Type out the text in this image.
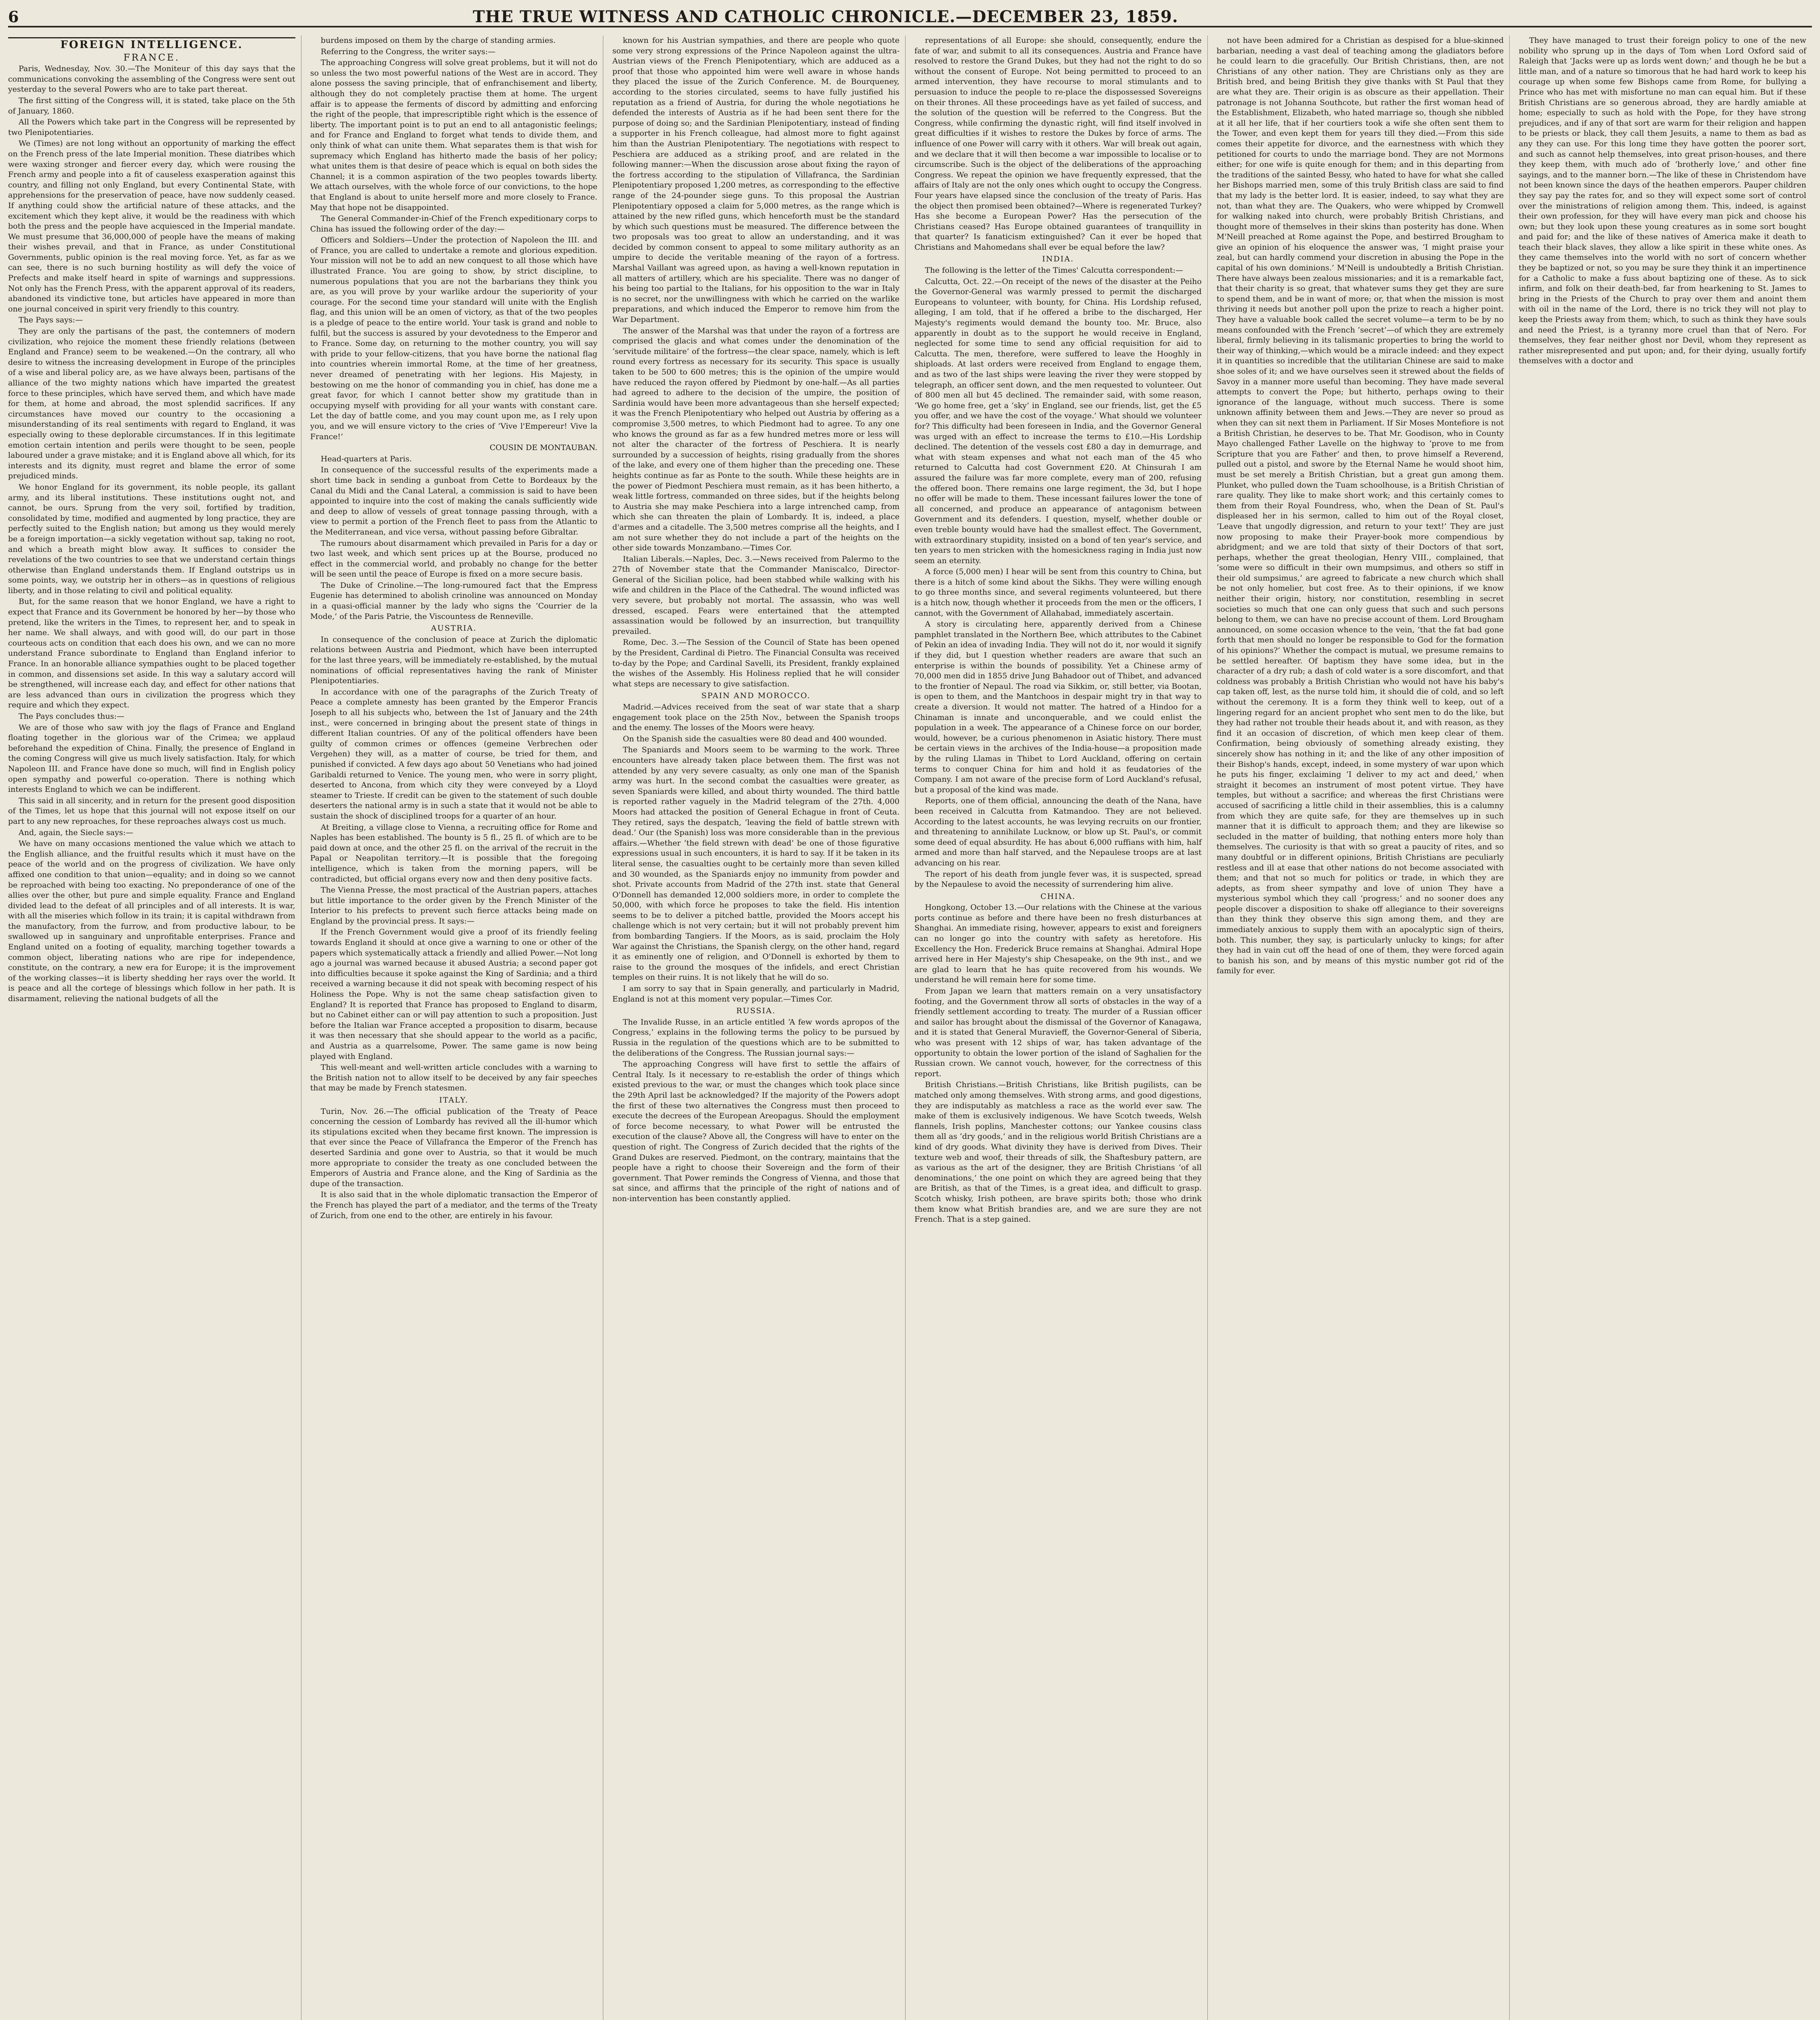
6	THE TRUE WITNESS AND CATHOLIC CHRONICLE.—DECEMBER 23, 1859.
FOREIGN INTELLIGENCE.
FRANCE.

Paris, Wednesday, Nov. 30.—The Moniteur of this day says that the communications convoking the assembling of the Congress were sent out yesterday to the several Powers who are to take part thereat.

The first sitting of the Congress will, it is stated, take place on the 5th of January, 1860.

All the Powers which take part in the Congress will be represented by two Plenipotentiaries.

We (Times) are not long without an opportunity of marking the effect on the French press of the late Imperial monition. These diatribes which were waxing stronger and fiercer every day, which were rousing the French army and people into a fit of causeless exasperation against this country, and filling not only England, but every Continental State, with apprehensions for the preservation of peace, have now suddenly ceased. If anything could show the artificial nature of these attacks, and the excitement which they kept alive, it would be the readiness with which both the press and the people have acquiesced in the Imperial mandate. We must presume that 36,000,000 of people have the means of making their wishes prevail, and that in France, as under Constitutional Governments, public opinion is the real moving force. Yet, as far as we can see, there is no such burning hostility as will defy the voice of Prefects and make itself heard in spite of warnings and suppressions. Not only has the French Press, with the apparent approval of its readers, abandoned its vindictive tone, but articles have appeared in more than one journal conceived in spirit very friendly to this country.

The Pays says:—

They are only the partisans of the past, the contemners of modern civilization, who rejoice the moment these friendly relations (between England and France) seem to be weakened.—On the contrary, all who desire to witness the increasing development in Europe of the principles of a wise and liberal policy are, as we have always been, partisans of the alliance of the two mighty nations which have imparted the greatest force to these principles, which have served them, and which have made for them, at home and abroad, the most splendid sacrifices. If any circumstances have moved our country to the occasioning a misunderstanding of its real sentiments with regard to England, it was especially owing to these deplorable circumstances. If in this legitimate emotion certain intention and perils were thought to be seen, people laboured under a grave mistake; and it is England above all which, for its interests and its dignity, must regret and blame the error of some prejudiced minds.

We honor England for its government, its noble people, its gallant army, and its liberal institutions. These institutions ought not, and cannot, be ours. Sprung from the very soil, fortified by tradition, consolidated by time, modified and augmented by long practice, they are perfectly suited to the English nation; but among us they would merely be a foreign importation—a sickly vegetation without sap, taking no root, and which a breath might blow away. It suffices to consider the revelations of the two countries to see that we understand certain things otherwise than England understands them. If England outstrips us in some points, way, we outstrip her in others—as in questions of religious liberty, and in those relating to civil and political equality.

But, for the same reason that we honor England, we have a right to expect that France and its Government be honored by her—by those who pretend, like the writers in the Times, to represent her, and to speak in her name. We shall always, and with good will, do our part in those courteous acts on condition that each does his own, and we can no more understand France subordinate to England than England inferior to France. In an honorable alliance sympathies ought to be placed together in common, and dissensions set aside. In this way a salutary accord will be strengthened, will increase each day, and effect for other nations that are less advanced than ours in civilization the progress which they require and which they expect.

The Pays concludes thus:—

We are of those who saw with joy the flags of France and England floating together in the glorious war of the Crimea; we applaud beforehand the expedition of China. Finally, the presence of England in the coming Congress will give us much lively satisfaction. Italy, for which Napoleon III. and France have done so much, will find in English policy open sympathy and powerful co-operation. There is nothing which interests England to which we can be indifferent.

This said in all sincerity, and in return for the present good disposition of the Times, let us hope that this journal will not expose itself on our part to any new reproaches, for these reproaches always cost us much.

And, again, the Siecle says:—

We have on many occasions mentioned the value which we attach to the English alliance, and the fruitful results which it must have on the peace of the world and on the progress of civilization. We have only affixed one condition to that union—equality; and in doing so we cannot be reproached with being too exacting. No preponderance of one of the allies over the other, but pure and simple equality. France and England divided lead to the defeat of all principles and of all interests. It is war, with all the miseries which follow in its train; it is capital withdrawn from the manufactory, from the furrow, and from productive labour, to be swallowed up in sanguinary and unprofitable enterprises. France and England united on a footing of equality, marching together towards a common object, liberating nations who are ripe for independence, constitute, on the contrary, a new era for Europe; it is the improvement of the working classes—it is liberty shedding her rays over the world. It is peace and all the cortege of blessings which follow in her path. It is disarmament, relieving the national budgets of all the

burdens imposed on them by the charge of standing armies.

Referring to the Congress, the writer says:—

The approaching Congress will solve great problems, but it will not do so unless the two most powerful nations of the West are in accord. They alone possess the saving principle, that of enfranchisement and liberty, although they do not completely practise them at home. The urgent affair is to appease the ferments of discord by admitting and enforcing the right of the people, that imprescriptible right which is the essence of liberty. The important point is to put an end to all antagonistic feelings; and for France and England to forget what tends to divide them, and only think of what can unite them. What separates them is that wish for supremacy which England has hitherto made the basis of her policy; what unites them is that desire of peace which is equal on both sides the Channel; it is a common aspiration of the two peoples towards liberty. We attach ourselves, with the whole force of our convictions, to the hope that England is about to unite herself more and more closely to France. May that hope not be disappointed.

The General Commander-in-Chief of the French expeditionary corps to China has issued the following order of the day:—

Officers and Soldiers—Under the protection of Napoleon the III. and of France, you are called to undertake a remote and glorious expedition. Your mission will not be to add an new conquest to all those which have illustrated France. You are going to show, by strict discipline, to numerous populations that you are not the barbarians they think you are, as you will prove by your warlike ardour the superiority of your courage. For the second time your standard will unite with the English flag, and this union will be an omen of victory, as that of the two peoples is a pledge of peace to the entire world. Your task is grand and noble to fulfil, but the success is assured by your devotedness to the Emperor and to France. Some day, on returning to the mother country, you will say with pride to your fellow-citizens, that you have borne the national flag into countries wherein immortal Rome, at the time of her greatness, never dreamed of penetrating with her legions. His Majesty, in bestowing on me the honor of commanding you in chief, has done me a great favor, for which I cannot better show my gratitude than in occupying myself with providing for all your wants with constant care. Let the day of battle come, and you may count upon me, as I rely upon you, and we will ensure victory to the cries of ‘Vive l'Empereur! Vive la France!’

COUSIN DE MONTAUBAN.

Head-quarters at Paris.

In consequence of the successful results of the experiments made a short time back in sending a gunboat from Cette to Bordeaux by the Canal du Midi and the Canal Lateral, a commission is said to have been appointed to inquire into the cost of making the canals sufficiently wide and deep to allow of vessels of great tonnage passing through, with a view to permit a portion of the French fleet to pass from the Atlantic to the Mediterranean, and vice versa, without passing before Gibraltar.

The rumours about disarmament which prevailed in Paris for a day or two last week, and which sent prices up at the Bourse, produced no effect in the commercial world, and probably no change for the better will be seen until the peace of Europe is fixed on a more secure basis.

The Duke of Crinoline.—The long-rumoured fact that the Empress Eugenie has determined to abolish crinoline was announced on Monday in a quasi-official manner by the lady who signs the ‘Courrier de la Mode,’ of the Paris Patrie, the Viscountess de Renneville.

AUSTRIA.

In consequence of the conclusion of peace at Zurich the diplomatic relations between Austria and Piedmont, which have been interrupted for the last three years, will be immediately re-established, by the mutual nominations of official representatives having the rank of Minister Plenipotentiaries.

In accordance with one of the paragraphs of the Zurich Treaty of Peace a complete amnesty has been granted by the Emperor Francis Joseph to all his subjects who, between the 1st of January and the 24th inst., were concerned in bringing about the present state of things in different Italian countries. Of any of the political offenders have been guilty of common crimes or offences (gemeine Verbrechen oder Vergehen) they will, as a matter of course, be tried for them, and punished if convicted. A few days ago about 50 Venetians who had joined Garibaldi returned to Venice. The young men, who were in sorry plight, deserted to Ancona, from which city they were conveyed by a Lloyd steamer to Trieste. If credit can be given to the statement of such double deserters the national army is in such a state that it would not be able to sustain the shock of disciplined troops for a quarter of an hour.

At Breiting, a village close to Vienna, a recruiting office for Rome and Naples has been established. The bounty is 5 fl., 25 fl. of which are to be paid down at once, and the other 25 fl. on the arrival of the recruit in the Papal or Neapolitan territory.—It is possible that the foregoing intelligence, which is taken from the morning papers, will be contradicted, but official organs every now and then deny positive facts.

The Vienna Presse, the most practical of the Austrian papers, attaches but little importance to the order given by the French Minister of the Interior to his prefects to prevent such fierce attacks being made on England by the provincial press. It says:—

If the French Government would give a proof of its friendly feeling towards England it should at once give a warning to one or other of the papers which systematically attack a friendly and allied Power.—Not long ago a journal was warned because it abused Austria; a second paper got into difficulties because it spoke against the King of Sardinia; and a third received a warning because it did not speak with becoming respect of his Holiness the Pope. Why is not the same cheap satisfaction given to England? It is reported that France has proposed to England to disarm, but no Cabinet either can or will pay attention to such a proposition. Just before the Italian war France accepted a proposition to disarm, because it was then necessary that she should appear to the world as a pacific, and Austria as a quarrelsome, Power. The same game is now being played with England.

This well-meant and well-written article concludes with a warning to the British nation not to allow itself to be deceived by any fair speeches that may be made by French statesmen.

ITALY.

Turin, Nov. 26.—The official publication of the Treaty of Peace concerning the cession of Lombardy has revived all the ill-humor which its stipulations excited when they became first known. The impression is that ever since the Peace of Villafranca the Emperor of the French has deserted Sardinia and gone over to Austria, so that it would be much more appropriate to consider the treaty as one concluded between the Emperors of Austria and France alone, and the King of Sardinia as the dupe of the transaction.

It is also said that in the whole diplomatic transaction the Emperor of the French has played the part of a mediator, and the terms of the Treaty of Zurich, from one end to the other, are entirely in his favour.

known for his Austrian sympathies, and there are people who quote some very strong expressions of the Prince Napoleon against the ultra-Austrian views of the French Plenipotentiary, which are adduced as a proof that those who appointed him were well aware in whose hands they placed the issue of the Zurich Conference. M. de Bourqueney, according to the stories circulated, seems to have fully justified his reputation as a friend of Austria, for during the whole negotiations he defended the interests of Austria as if he had been sent there for the purpose of doing so; and the Sardinian Plenipotentiary, instead of finding a supporter in his French colleague, had almost more to fight against him than the Austrian Plenipotentiary. The negotiations with respect to Peschiera are adduced as a striking proof, and are related in the following manner:—When the discussion arose about fixing the rayon of the fortress according to the stipulation of Villafranca, the Sardinian Plenipotentiary proposed 1,200 metres, as corresponding to the effective range of the 24-pounder siege guns. To this proposal the Austrian Plenipotentiary opposed a claim for 5,000 metres, as the range which is attained by the new rifled guns, which henceforth must be the standard by which such questions must be measured. The difference between the two proposals was too great to allow an understanding, and it was decided by common consent to appeal to some military authority as an umpire to decide the veritable meaning of the rayon of a fortress. Marshal Vaillant was agreed upon, as having a well-known reputation in all matters of artillery, which are his specialite. There was no danger of his being too partial to the Italians, for his opposition to the war in Italy is no secret, nor the unwillingness with which he carried on the warlike preparations, and which induced the Emperor to remove him from the War Department.

The answer of the Marshal was that under the rayon of a fortress are comprised the glacis and what comes under the denomination of the ‘servitude militaire’ of the fortress—the clear space, namely, which is left round every fortress as necessary for its security. This space is usually taken to be 500 to 600 metres; this is the opinion of the umpire would have reduced the rayon offered by Piedmont by one-half.—As all parties had agreed to adhere to the decision of the umpire, the position of Sardinia would have been more advantageous than she herself expected; it was the French Plenipotentiary who helped out Austria by offering as a compromise 3,500 metres, to which Piedmont had to agree. To any one who knows the ground as far as a few hundred metres more or less will not alter the character of the fortress of Peschiera. It is nearly surrounded by a succession of heights, rising gradually from the shores of the lake, and every one of them higher than the preceding one. These heights continue as far as Ponte to the south. While these heights are in the power of Piedmont Peschiera must remain, as it has been hitherto, a weak little fortress, commanded on three sides, but if the heights belong to Austria she may make Peschiera into a large intrenched camp, from which she can threaten the plain of Lombardy. It is, indeed, a place d'armes and a citadelle. The 3,500 metres comprise all the heights, and I am not sure whether they do not include a part of the heights on the other side towards Monzambano.—Times Cor.

Italian Liberals.—Naples, Dec. 3.—News received from Palermo to the 27th of November state that the Commander Maniscalco, Director-General of the Sicilian police, had been stabbed while walking with his wife and children in the Place of the Cathedral. The wound inflicted was very severe, but probably not mortal. The assassin, who was well dressed, escaped. Fears were entertained that the attempted assassination would be followed by an insurrection, but tranquillity prevailed.

Rome, Dec. 3.—The Session of the Council of State has been opened by the President, Cardinal di Pietro. The Financial Consulta was received to-day by the Pope; and Cardinal Savelli, its President, frankly explained the wishes of the Assembly. His Holiness replied that he will consider what steps are necessary to give satisfaction.

SPAIN AND MOROCCO.

Madrid.—Advices received from the seat of war state that a sharp engagement took place on the 25th Nov., between the Spanish troops and the enemy. The losses of the Moors were heavy.

On the Spanish side the casualties were 80 dead and 400 wounded.

The Spaniards and Moors seem to be warming to the work. Three encounters have already taken place between them. The first was not attended by any very severe casualty, as only one man of the Spanish army was hurt. In the second combat the casualties were greater, as seven Spaniards were killed, and about thirty wounded. The third battle is reported rather vaguely in the Madrid telegram of the 27th. 4,000 Moors had attacked the position of General Echague in front of Ceuta. They retired, says the despatch, ‘leaving the field of battle strewn with dead.’ Our (the Spanish) loss was more considerable than in the previous affairs.—Whether ‘the field strewn with dead’ be one of those figurative expressions usual in such encounters, it is hard to say. If it be taken in its literal sense, the casualties ought to be certainly more than seven killed and 30 wounded, as the Spaniards enjoy no immunity from powder and shot. Private accounts from Madrid of the 27th inst. state that General O'Donnell has demanded 12,000 soldiers more, in order to complete the 50,000, with which force he proposes to take the field. His intention seems to be to deliver a pitched battle, provided the Moors accept his challenge which is not very certain; but it will not probably prevent him from bombarding Tangiers. If the Moors, as is said, proclaim the Holy War against the Christians, the Spanish clergy, on the other hand, regard it as eminently one of religion, and O'Donnell is exhorted by them to raise to the ground the mosques of the infidels, and erect Christian temples on their ruins. It is not likely that he will do so.

I am sorry to say that in Spain generally, and particularly in Madrid, England is not at this moment very popular.—Times Cor.

RUSSIA.

The Invalide Russe, in an article entitled ‘A few words apropos of the Congress,’ explains in the following terms the policy to be pursued by Russia in the regulation of the questions which are to be submitted to the deliberations of the Congress. The Russian journal says:—

The approaching Congress will have first to settle the affairs of Central Italy. Is it necessary to re-establish the order of things which existed previous to the war, or must the changes which took place since the 29th April last be acknowledged? If the majority of the Powers adopt the first of these two alternatives the Congress must then proceed to execute the decrees of the European Areopagus. Should the employment of force become necessary, to what Power will be entrusted the execution of the clause? Above all, the Congress will have to enter on the question of right. The Congress of Zurich decided that the rights of the Grand Dukes are reserved. Piedmont, on the contrary, maintains that the people have a right to choose their Sovereign and the form of their government. That Power reminds the Congress of Vienna, and those that sat since, and affirms that the principle of the right of nations and of non-intervention has been constantly applied.

representations of all Europe: she should, consequently, endure the fate of war, and submit to all its consequences. Austria and France have resolved to restore the Grand Dukes, but they had not the right to do so without the consent of Europe. Not being permitted to proceed to an armed intervention, they have recourse to moral stimulants and to persuasion to induce the people to re-place the dispossessed Sovereigns on their thrones. All these proceedings have as yet failed of success, and the solution of the question will be referred to the Congress. But the Congress, while confirming the dynastic right, will find itself involved in great difficulties if it wishes to restore the Dukes by force of arms. The influence of one Power will carry with it others. War will break out again, and we declare that it will then become a war impossible to localise or to circumscribe. Such is the object of the deliberations of the approaching Congress. We repeat the opinion we have frequently expressed, that the affairs of Italy are not the only ones which ought to occupy the Congress. Four years have elapsed since the conclusion of the treaty of Paris. Has the object then promised been obtained?—Where is regenerated Turkey? Has she become a European Power? Has the persecution of the Christians ceased? Has Europe obtained guarantees of tranquillity in that quarter? Is fanaticism extinguished? Can it ever be hoped that Christians and Mahomedans shall ever be equal before the law?

INDIA.

The following is the letter of the Times' Calcutta correspondent:—

Calcutta, Oct. 22.—On receipt of the news of the disaster at the Peiho the Governor-General was warmly pressed to permit the discharged Europeans to volunteer, with bounty, for China. His Lordship refused, alleging, I am told, that if he offered a bribe to the discharged, Her Majesty's regiments would demand the bounty too. Mr. Bruce, also apparently in doubt as to the support he would receive in England, neglected for some time to send any official requisition for aid to Calcutta. The men, therefore, were suffered to leave the Hooghly in shiploads. At last orders were received from England to engage them, and as two of the last ships were leaving the river they were stopped by telegraph, an officer sent down, and the men requested to volunteer. Out of 800 men all but 45 declined. The remainder said, with some reason, ‘We go home free, get a ‘sky’ in England, see our friends, list, get the £5 you offer, and we have the cost of the voyage.’ What should we volunteer for? This difficulty had been foreseen in India, and the Governor General was urged with an effect to increase the terms to £10.—His Lordship declined. The detention of the vessels cost £80 a day in demurrage, and what with steam expenses and what not each man of the 45 who returned to Calcutta had cost Government £20. At Chinsurah I am assured the failure was far more complete, every man of 200, refusing the offered boon. There remains one large regiment, the 3d, but I hope no offer will be made to them. These incessant failures lower the tone of all concerned, and produce an appearance of antagonism between Government and its defenders. I question, myself, whether double or even treble bounty would have had the smallest effect. The Government, with extraordinary stupidity, insisted on a bond of ten year's service, and ten years to men stricken with the homesickness raging in India just now seem an eternity.

A force (5,000 men) I hear will be sent from this country to China, but there is a hitch of some kind about the Sikhs. They were willing enough to go three months since, and several regiments volunteered, but there is a hitch now, though whether it proceeds from the men or the officers, I cannot, with the Government of Allahabad, immediately ascertain.

A story is circulating here, apparently derived from a Chinese pamphlet translated in the Northern Bee, which attributes to the Cabinet of Pekin an idea of invading India. They will not do it, nor would it signify if they did, but I question whether readers are aware that such an enterprise is within the bounds of possibility. Yet a Chinese army of 70,000 men did in 1855 drive Jung Bahadoor out of Thibet, and advanced to the frontier of Nepaul. The road via Sikkim, or, still better, via Bootan, is open to them, and the Mantchoos in despair might try in that way to create a diversion. It would not matter. The hatred of a Hindoo for a Chinaman is innate and unconquerable, and we could enlist the population in a week. The appearance of a Chinese force on our border, would, however, be a curious phenomenon in Asiatic history. There must be certain views in the archives of the India-house—a proposition made by the ruling Llamas in Thibet to Lord Auckland, offering on certain terms to conquer China for him and hold it as feudatories of the Company. I am not aware of the precise form of Lord Auckland's refusal, but a proposal of the kind was made.

Reports, one of them official, announcing the death of the Nana, have been received in Calcutta from Katmandoo. They are not believed. According to the latest accounts, he was levying recruits on our frontier, and threatening to annihilate Lucknow, or blow up St. Paul's, or commit some deed of equal absurdity. He has about 6,000 ruffians with him, half armed and more than half starved, and the Nepaulese troops are at last advancing on his rear.

The report of his death from jungle fever was, it is suspected, spread by the Nepaulese to avoid the necessity of surrendering him alive.

CHINA.

Hongkong, October 13.—Our relations with the Chinese at the various ports continue as before and there have been no fresh disturbances at Shanghai. An immediate rising, however, appears to exist and foreigners can no longer go into the country with safety as heretofore. His Excellency the Hon. Frederick Bruce remains at Shanghai. Admiral Hope arrived here in Her Majesty's ship Chesapeake, on the 9th inst., and we are glad to learn that he has quite recovered from his wounds. We understand he will remain here for some time.

From Japan we learn that matters remain on a very unsatisfactory footing, and the Government throw all sorts of obstacles in the way of a friendly settlement according to treaty. The murder of a Russian officer and sailor has brought about the dismissal of the Governor of Kanagawa, and it is stated that General Muravieff, the Governor-General of Siberia, who was present with 12 ships of war, has taken advantage of the opportunity to obtain the lower portion of the island of Saghalien for the Russian crown. We cannot vouch, however, for the correctness of this report.

British Christians.—British Christians, like British pugilists, can be matched only among themselves. With strong arms, and good digestions, they are indisputably as matchless a race as the world ever saw. The make of them is exclusively indigenous. We have Scotch tweeds, Welsh flannels, Irish poplins, Manchester cottons; our Yankee cousins class them all as ‘dry goods,’ and in the religious world British Christians are a kind of dry goods. What divinity they have is derived from Dives. Their texture web and woof, their threads of silk, the Shaftesbury pattern, are as various as the art of the designer, they are British Christians ‘of all denominations,’ the one point on which they are agreed being that they are British, as that of the Times, is a great idea, and difficult to grasp. Scotch whisky, Irish potheen, are brave spirits both; those who drink them know what British brandies are, and we are sure they are not French. That is a step gained.

not have been admired for a Christian as despised for a blue-skinned barbarian, needing a vast deal of teaching among the gladiators before he could learn to die gracefully. Our British Christians, then, are not Christians of any other nation. They are Christians only as they are British bred, and being British they give thanks with St Paul that they are what they are. Their origin is as obscure as their appellation. Their patronage is not Johanna Southcote, but rather the first woman head of the Establishment, Elizabeth, who hated marriage so, though she nibbled at it all her life, that if her courtiers took a wife she often sent them to the Tower, and even kept them for years till they died.—From this side comes their appetite for divorce, and the earnestness with which they petitioned for courts to undo the marriage bond. They are not Mormons either; for one wife is quite enough for them; and in this departing from the traditions of the sainted Bessy, who hated to have for what she called her Bishops married men, some of this truly British class are said to find that my lady is the better lord. It is easier, indeed, to say what they are not, than what they are. The Quakers, who were whipped by Cromwell for walking naked into church, were probably British Christians, and thought more of themselves in their skins than posterity has done. When M'Neill preached at Rome against the Pope, and bestirred Brougham to give an opinion of his eloquence the answer was, ‘I might praise your zeal, but can hardly commend your discretion in abusing the Pope in the capital of his own dominions.’ M'Neill is undoubtedly a British Christian. There have always been zealous missionaries; and it is a remarkable fact, that their charity is so great, that whatever sums they get they are sure to spend them, and be in want of more; or, that when the mission is most thriving it needs but another poll upon the prize to reach a higher point. They have a valuable book called the secret volume—a term to be by no means confounded with the French ‘secret’—of which they are extremely liberal, firmly believing in its talismanic properties to bring the world to their way of thinking,—which would be a miracle indeed: and they expect it in quantities so incredible that the utilitarian Chinese are said to make shoe soles of it; and we have ourselves seen it strewed about the fields of Savoy in a manner more useful than becoming. They have made several attempts to convert the Pope; but hitherto, perhaps owing to their ignorance of the language, without much success. There is some unknown affinity between them and Jews.—They are never so proud as when they can sit next them in Parliament. If Sir Moses Montefiore is not a British Christian, he deserves to be. That Mr. Goodison, who in County Mayo challenged Father Lavelle on the highway to ‘prove to me from Scripture that you are Father’ and then, to prove himself a Reverend, pulled out a pistol, and swore by the Eternal Name he would shoot him, must be set merely a British Christian, but a great gun among them. Plunket, who pulled down the Tuam schoolhouse, is a British Christian of rare quality. They like to make short work; and this certainly comes to them from their Royal Foundress, who, when the Dean of St. Paul's displeased her in his sermon, called to him out of the Royal closet, ‘Leave that ungodly digression, and return to your text!’ They are just now proposing to make their Prayer-book more compendious by abridgment; and we are told that sixty of their Doctors of that sort, perhaps, whether the great theologian, Henry VIII., complained, that ‘some were so difficult in their own mumpsimus, and others so stiff in their old sumpsimus,’ are agreed to fabricate a new church which shall be not only homelier, but cost free. As to their opinions, if we know neither their origin, history, nor constitution, resembling in secret societies so much that one can only guess that such and such persons belong to them, we can have no precise account of them. Lord Brougham announced, on some occasion whence to the vein, ‘that the fat bad gone forth that men should no longer be responsible to God for the formation of his opinions?’ Whether the compact is mutual, we presume remains to be settled hereafter. Of baptism they have some idea, but in the character of a dry rub; a dash of cold water is a sore discomfort, and that coldness was probably a British Christian who would not have his baby's cap taken off, lest, as the nurse told him, it should die of cold, and so left without the ceremony. It is a form they think well to keep, out of a lingering regard for an ancient prophet who sent men to do the like, but they had rather not trouble their heads about it, and with reason, as they find it an occasion of discretion, of which men keep clear of them. Confirmation, being obviously of something already existing, they sincerely show has nothing in it; and the like of any other imposition of their Bishop's hands, except, indeed, in some mystery of war upon which he puts his finger, exclaiming ‘I deliver to my act and deed,’ when straight it becomes an instrument of most potent virtue. They have temples, but without a sacrifice; and whereas the first Christians were accused of sacrificing a little child in their assemblies, this is a calumny from which they are quite safe, for they are themselves up in such manner that it is difficult to approach them; and they are likewise so secluded in the matter of building, that nothing enters more holy than themselves. The curiosity is that with so great a paucity of rites, and so many doubtful or in different opinions, British Christians are peculiarly restless and ill at ease that other nations do not become associated with them; and that not so much for politics or trade, in which they are adepts, as from sheer sympathy and love of union They have a mysterious symbol which they call ‘progress;’ and no sooner does any people discover a disposition to shake off allegiance to their sovereigns than they think they observe this sign among them, and they are immediately anxious to supply them with an apocalyptic sign of theirs, both. This number, they say, is particularly unlucky to kings; for after they had in vain cut off the head of one of them, they were forced again to banish his son, and by means of this mystic number got rid of the family for ever.

They have managed to trust their foreign policy to one of the new nobility who sprung up in the days of Tom when Lord Oxford said of Raleigh that ‘Jacks were up as lords went down;’ and though he be but a little man, and of a nature so timorous that he had hard work to keep his courage up when some few Bishops came from Rome, for bullying a Prince who has met with misfortune no man can equal him. But if these British Christians are so generous abroad, they are hardly amiable at home; especially to such as hold with the Pope, for they have strong prejudices, and if any of that sort are warm for their religion and happen to be priests or black, they call them Jesuits, a name to them as bad as any they can use. For this long time they have gotten the poorer sort, and such as cannot help themselves, into great prison-houses, and there they keep them, with much ado of ‘brotherly love,’ and other fine sayings, and to the manner born.—The like of these in Christendom have not been known since the days of the heathen emperors. Pauper children they say pay the rates for, and so they will expect some sort of control over the ministrations of religion among them. This, indeed, is against their own profession, for they will have every man pick and choose his own; but they look upon these young creatures as in some sort bought and paid for; and the like of these natives of America make it death to teach their black slaves, they allow a like spirit in these white ones. As they came themselves into the world with no sort of concern whether they be baptized or not, so you may be sure they think it an impertinence for a Catholic to make a fuss about baptizing one of these. As to sick infirm, and folk on their death-bed, far from hearkening to St. James to bring in the Priests of the Church to pray over them and anoint them with oil in the name of the Lord, there is no trick they will not play to keep the Priests away from them; which, to such as think they have souls and need the Priest, is a tyranny more cruel than that of Nero. For themselves, they fear neither ghost nor Devil, whom they represent as rather misrepresented and put upon; and, for their dying, usually fortify themselves with a doctor and
